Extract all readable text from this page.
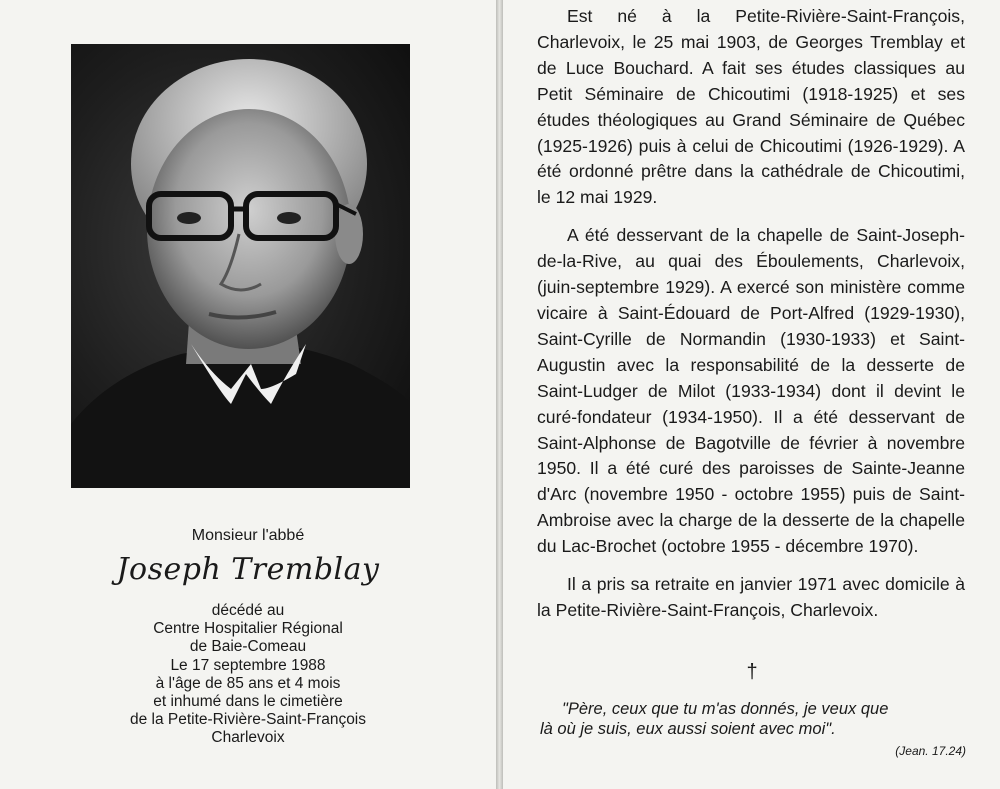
Monsieur l'abbé
Joseph Tremblay
décédé au
Centre Hospitalier Régional
de Baie-Comeau
Le 17 septembre 1988
à l'âge de 85 ans et 4 mois
et inhumé dans le cimetière
de la Petite-Rivière-Saint-François
Charlevoix

Est né à la Petite-Rivière-Saint-François, Charlevoix, le 25 mai 1903, de Georges Tremblay et de Luce Bouchard. A fait ses études classiques au Petit Séminaire de Chicoutimi (1918-1925) et ses études théologiques au Grand Séminaire de Québec (1925-1926) puis à celui de Chicoutimi (1926-1929). A été ordonné prêtre dans la cathédrale de Chicoutimi, le 12 mai 1929.

A été desservant de la chapelle de Saint-Joseph-de-la-Rive, au quai des Éboulements, Charlevoix, (juin-septembre 1929). A exercé son ministère comme vicaire à Saint-Édouard de Port-Alfred (1929-1930), Saint-Cyrille de Normandin (1930-1933) et Saint-Augustin avec la responsabilité de la desserte de Saint-Ludger de Milot (1933-1934) dont il devint le curé-fondateur (1934-1950). Il a été desservant de Saint-Alphonse de Bagotville de février à novembre 1950. Il a été curé des paroisses de Sainte-Jeanne d'Arc (novembre 1950 - octobre 1955) puis de Saint-Ambroise avec la charge de la desserte de la chapelle du Lac-Brochet (octobre 1955 - décembre 1970).

Il a pris sa retraite en janvier 1971 avec domicile à la Petite-Rivière-Saint-François, Charlevoix.

†
"Père, ceux que tu m'as donnés, je veux que
là où je suis, eux aussi soient avec moi".
(Jean. 17.24)
